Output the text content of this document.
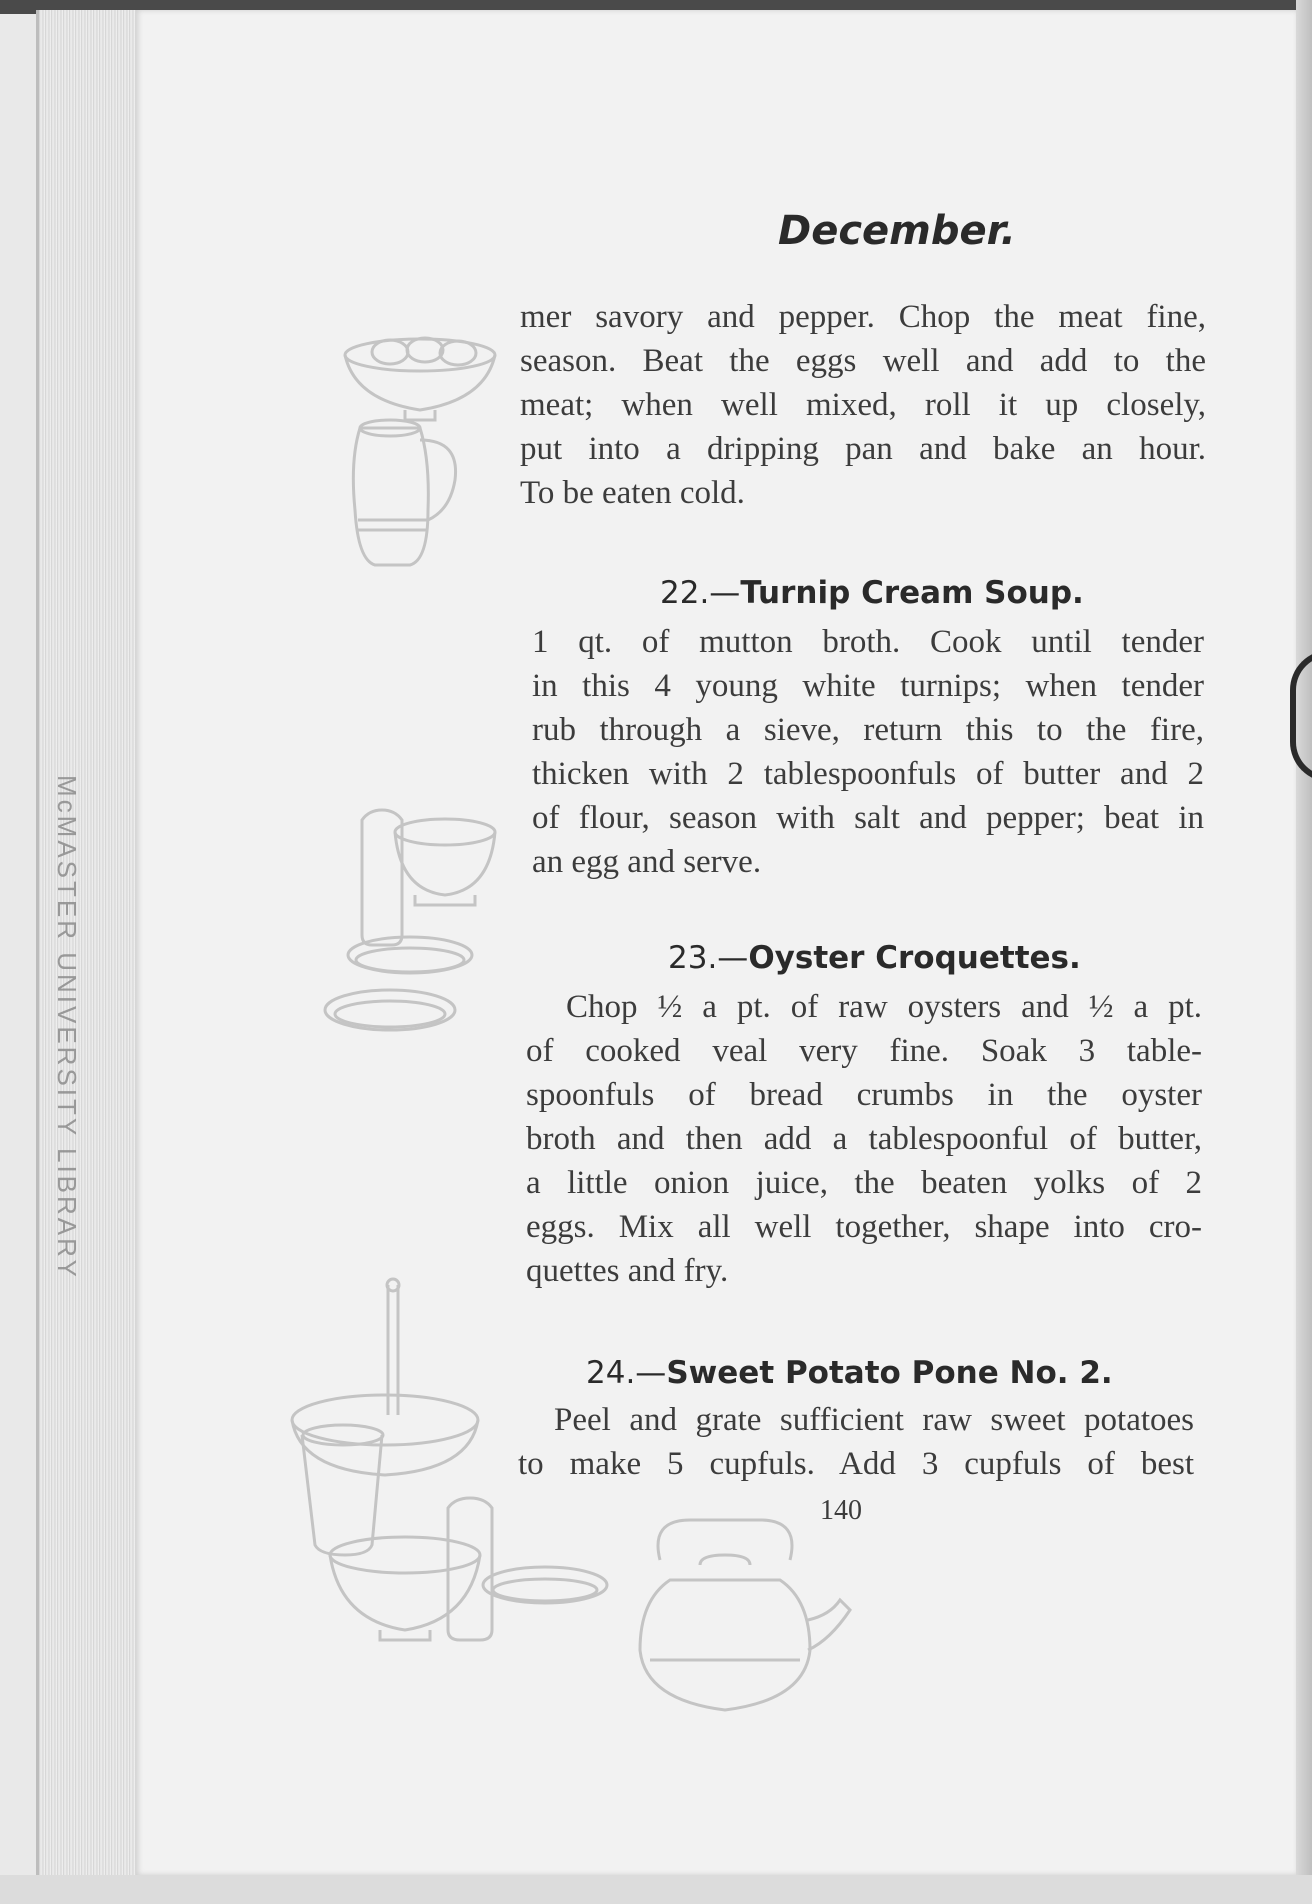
McMASTER UNIVERSITY LIBRARY
December.
mer savory and pepper. Chop the meat fine,
season. Beat the eggs well and add to the
meat; when well mixed, roll it up closely,
put into a dripping pan and bake an hour.
To be eaten cold.
22.—Turnip Cream Soup.
1 qt. of mutton broth. Cook until tender
in this 4 young white turnips; when tender
rub through a sieve, return this to the fire,
thicken with 2 tablespoonfuls of butter and 2
of flour, season with salt and pepper; beat in
an egg and serve.
23.—Oyster Croquettes.
Chop ½ a pt. of raw oysters and ½ a pt.
of cooked veal very fine. Soak 3 table-
spoonfuls of bread crumbs in the oyster
broth and then add a tablespoonful of butter,
a little onion juice, the beaten yolks of 2
eggs. Mix all well together, shape into cro-
quettes and fry.
24.—Sweet Potato Pone No. 2.
Peel and grate sufficient raw sweet potatoes
to make 5 cupfuls. Add 3 cupfuls of best
140
